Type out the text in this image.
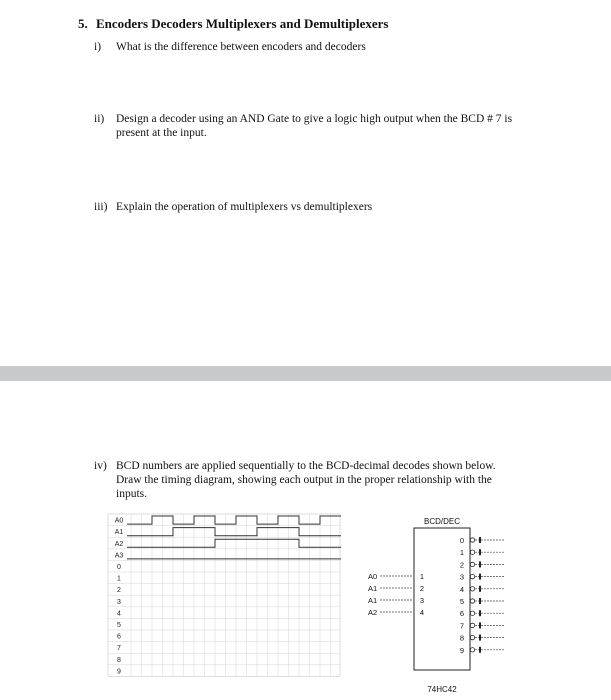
5. Encoders Decoders Multiplexers and Demultiplexers
i) What is the difference between encoders and decoders
ii) Design a decoder using an AND Gate to give a logic high output when the BCD # 7 is
present at the input.
iii) Explain the operation of multiplexers vs demultiplexers
iv) BCD numbers are applied sequentially to the BCD-decimal decodes shown below.
Draw the timing diagram, showing each output in the proper relationship with the
inputs.
A0
A1
A2
A3
0
1
2
3
4
5
6
7
8
9
BCD/DEC
74HC42
0
1
2
3
4
5
6
7
8
9
A0	1
A1	2
A1	3
A2	4
